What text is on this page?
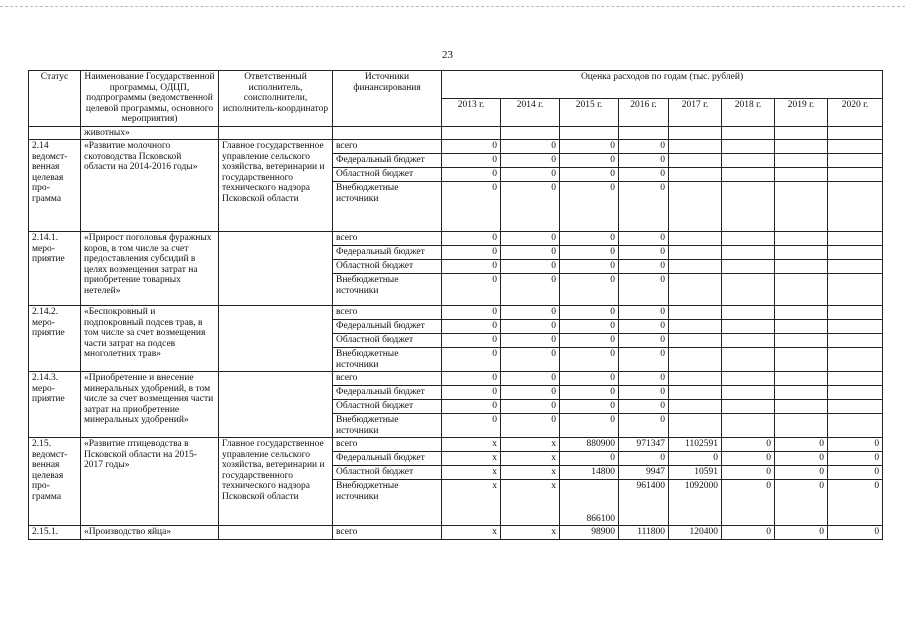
23
Статус	Наименование Государственной программы, ОДЦП, подпрограммы (ведомственной целевой программы, основного мероприятия)	Ответственный исполнитель, соисполнители, исполнитель-координатор	Источники финансирования	Оценка расходов по годам (тыс. рублей)							
				2013 г.	2014 г.	2015 г.	2016 г.	2017 г.	2018 г.	2019 г.	2020 г.
	животных»										
2.14 ведомст-венная целевая про-грамма	«Развитие молочного скотоводства Псковской области на 2014-2016 годы»	Главное государственное управление сельского хозяйства, ветеринарии и государственного технического надзора Псковской области	всего	0	0	0	0				
			Федеральный бюджет	0	0	0	0				
			Областной бюджет	0	0	0	0				
			Внебюджетные источники	0	0	0	0				
2.14.1. меро-приятие	«Прирост поголовья фуражных коров, в том числе за счет предоставления субсидий в целях возмещения затрат на приобретение товарных нетелей»		всего	0	0	0	0				
			Федеральный бюджет	0	0	0	0				
			Областной бюджет	0	0	0	0				
			Внебюджетные источники	0	0	0	0				
2.14.2. меро-приятие	«Беспокровный и подпокровный подсев трав, в том числе за счет возмещения части затрат на подсев многолетних трав»		всего	0	0	0	0				
			Федеральный бюджет	0	0	0	0				
			Областной бюджет	0	0	0	0				
			Внебюджетные источники	0	0	0	0				
2.14.3. меро-приятие	«Приобретение и внесение минеральных удобрений, в том числе за счет возмещения части затрат на приобретение минеральных удобрений»		всего	0	0	0	0				
			Федеральный бюджет	0	0	0	0				
			Областной бюджет	0	0	0	0				
			Внебюджетные источники	0	0	0	0				
2.15. ведомст-венная целевая про-грамма	«Развитие птицеводства в Псковской области на 2015-2017 годы»	Главное государственное управление сельского хозяйства, ветеринарии и государственного технического надзора Псковской области	всего	x	x	880900	971347	1102591	0	0	0
			Федеральный бюджет	x	x	0	0	0	0	0	0
			Областной бюджет	x	x	14800	9947	10591	0	0	0
			Внебюджетные источники	x	x	866100	961400	1092000	0	0	0
2.15.1.	«Производство яйца»		всего	x	x	98900	111800	120400	0	0	0
